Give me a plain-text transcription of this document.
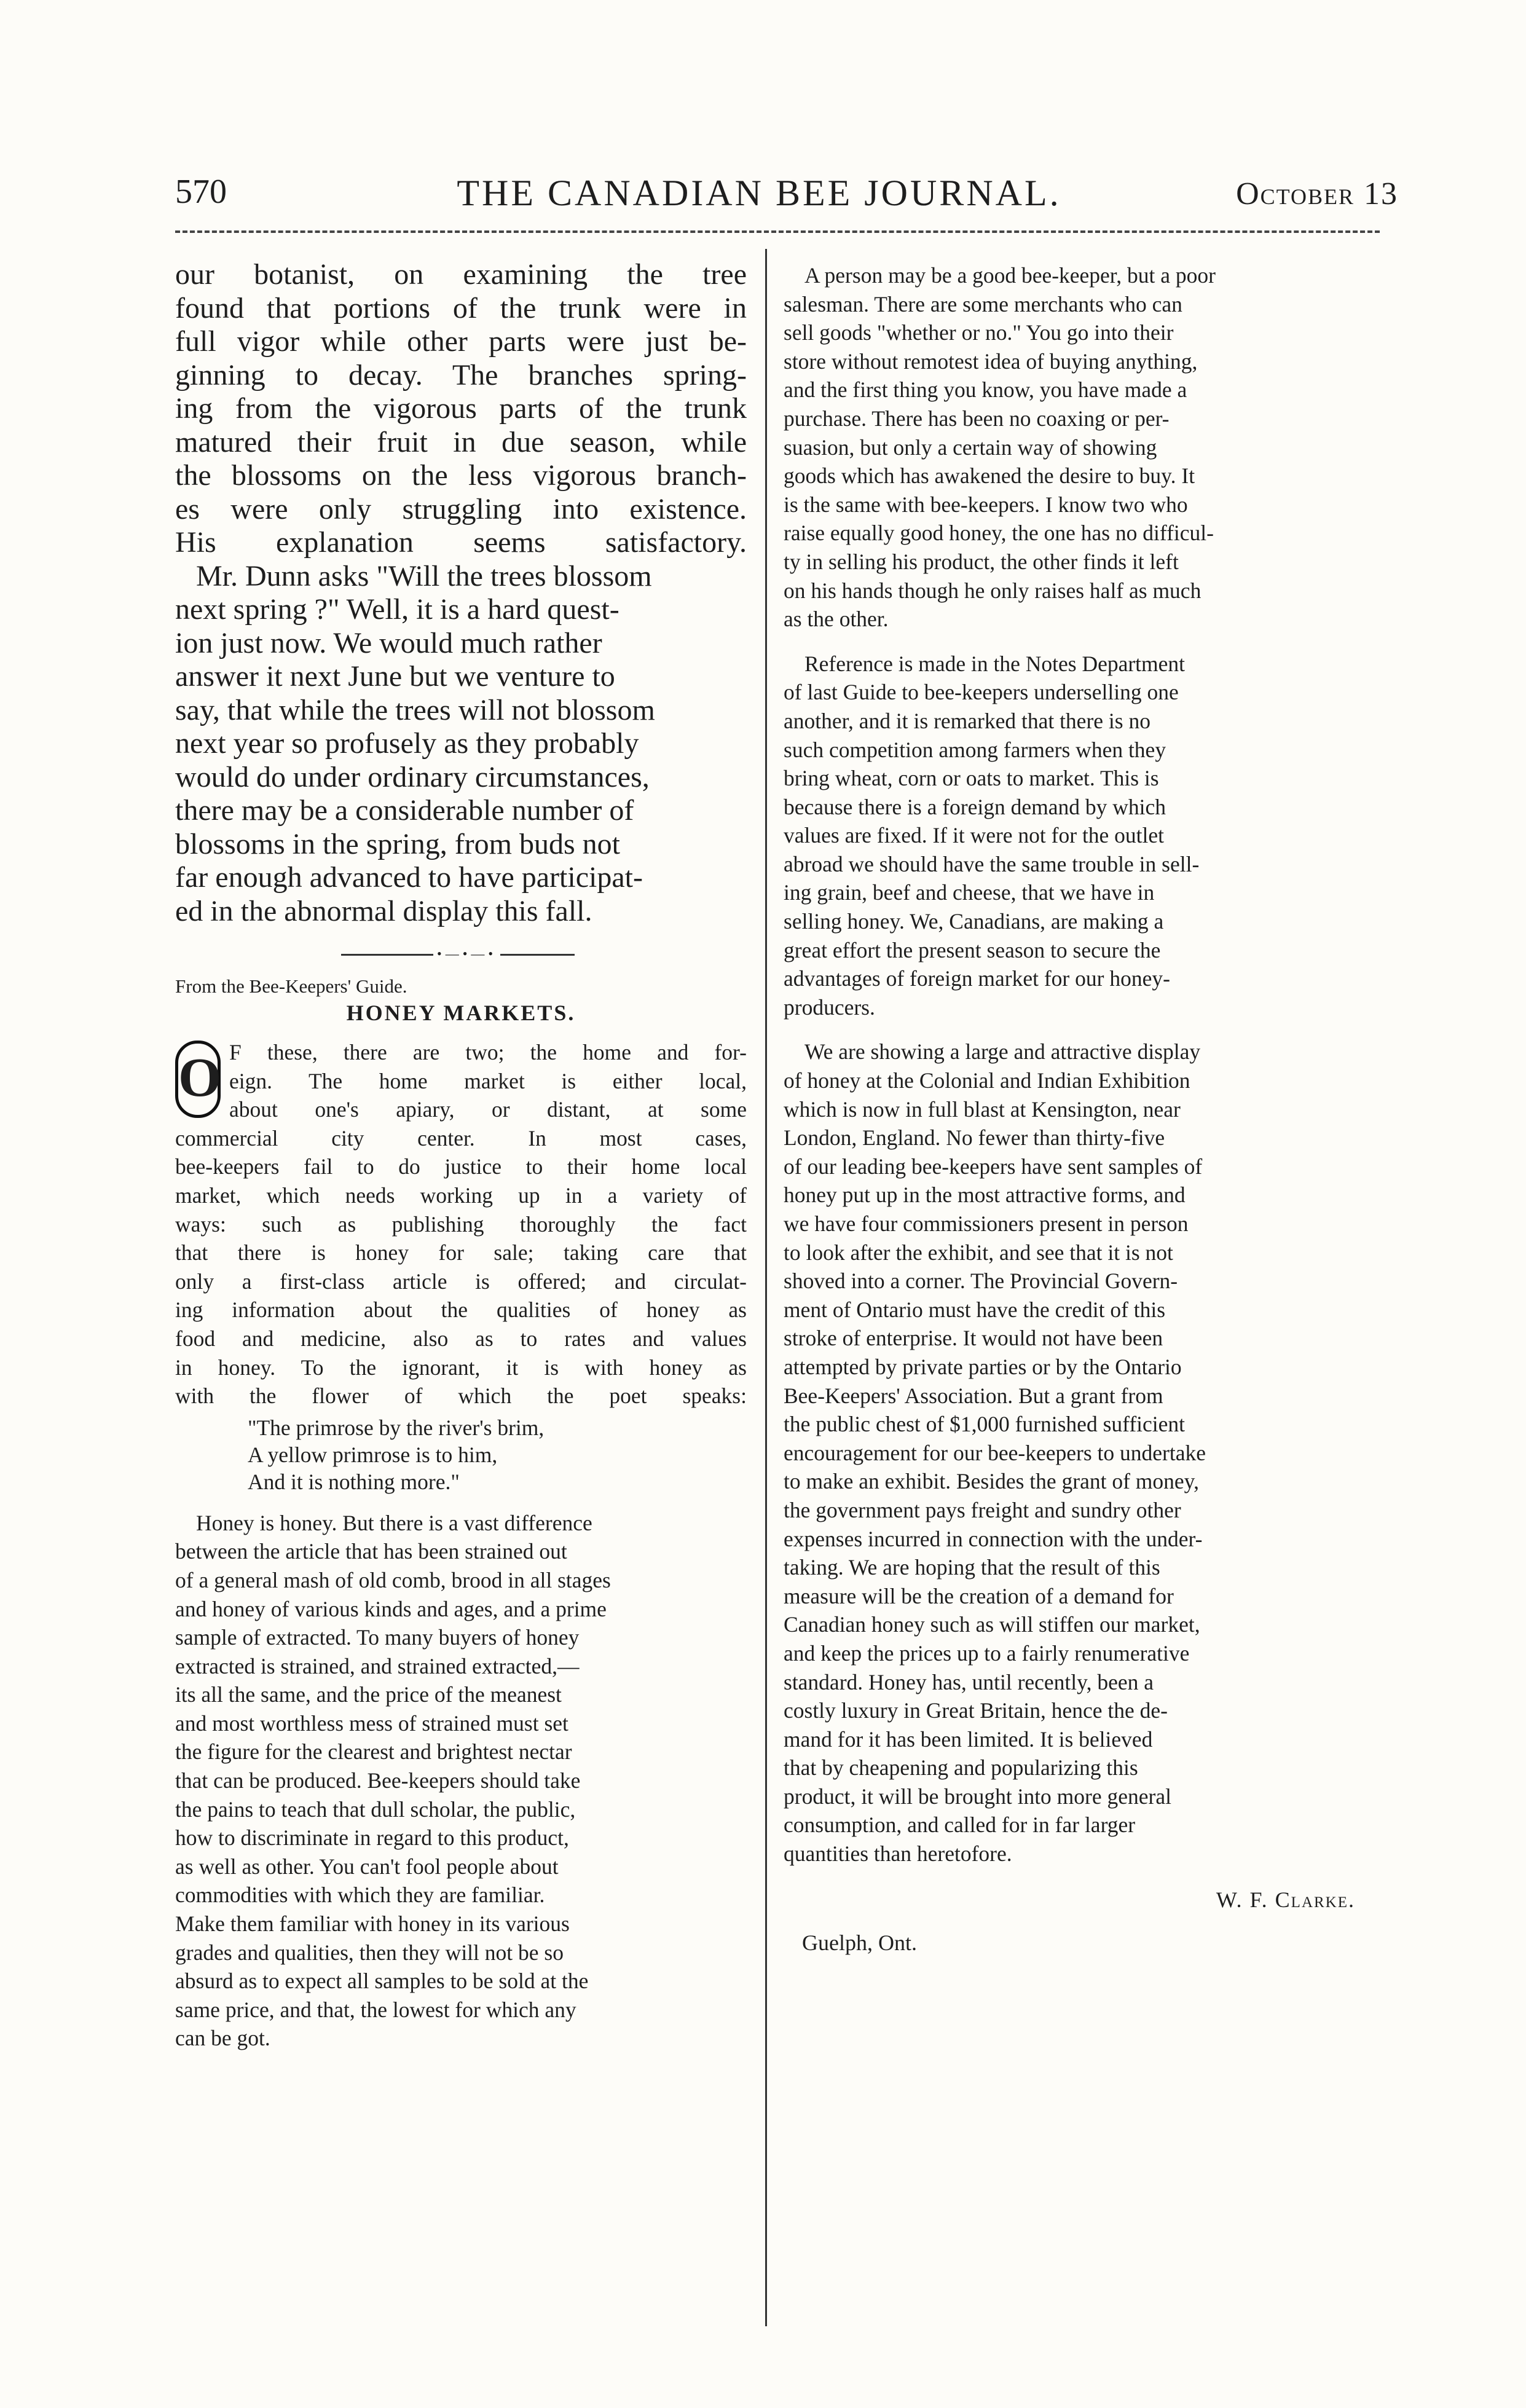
570	THE CANADIAN BEE JOURNAL.	October 13

our botanist, on examining the tree
found that portions of the trunk were in
full vigor while other parts were just be-
ginning to decay. The branches spring-
ing from the vigorous parts of the trunk
matured their fruit in due season, while
the blossoms on the less vigorous branch-
es were only struggling into existence.
His explanation seems satisfactory.

Mr. Dunn asks "Will the trees blossom
next spring ?" Well, it is a hard quest-
ion just now. We would much rather
answer it next June but we venture to
say, that while the trees will not blossom
next year so profusely as they probably
would do under ordinary circumstances,
there may be a considerable number of
blossoms in the spring, from buds not
far enough advanced to have participat-
ed in the abnormal display this fall.

•—•—•

From the Bee-Keepers' Guide.

HONEY MARKETS.
O F these, there are two; the home and for-
eign. The home market is either local,
about one's apiary, or distant, at some
commercial city center. In most cases,
bee-keepers fail to do justice to their home local
market, which needs working up in a variety of
ways: such as publishing thoroughly the fact
that there is honey for sale; taking care that
only a first-class article is offered; and circulat-
ing information about the qualities of honey as
food and medicine, also as to rates and values
in honey. To the ignorant, it is with honey as
with the flower of which the poet speaks:

"The primrose by the river's brim,
A yellow primrose is to him,
And it is nothing more."

Honey is honey. But there is a vast difference
between the article that has been strained out
of a general mash of old comb, brood in all stages
and honey of various kinds and ages, and a prime
sample of extracted. To many buyers of honey
extracted is strained, and strained extracted,—
its all the same, and the price of the meanest
and most worthless mess of strained must set
the figure for the clearest and brightest nectar
that can be produced. Bee-keepers should take
the pains to teach that dull scholar, the public,
how to discriminate in regard to this product,
as well as other. You can't fool people about
commodities with which they are familiar.
Make them familiar with honey in its various
grades and qualities, then they will not be so
absurd as to expect all samples to be sold at the
same price, and that, the lowest for which any
can be got.

A person may be a good bee-keeper, but a poor
salesman. There are some merchants who can
sell goods "whether or no." You go into their
store without remotest idea of buying anything,
and the first thing you know, you have made a
purchase. There has been no coaxing or per-
suasion, but only a certain way of showing
goods which has awakened the desire to buy. It
is the same with bee-keepers. I know two who
raise equally good honey, the one has no difficul-
ty in selling his product, the other finds it left
on his hands though he only raises half as much
as the other.

Reference is made in the Notes Department
of last Guide to bee-keepers underselling one
another, and it is remarked that there is no
such competition among farmers when they
bring wheat, corn or oats to market. This is
because there is a foreign demand by which
values are fixed. If it were not for the outlet
abroad we should have the same trouble in sell-
ing grain, beef and cheese, that we have in
selling honey. We, Canadians, are making a
great effort the present season to secure the
advantages of foreign market for our honey-
producers.

We are showing a large and attractive display
of honey at the Colonial and Indian Exhibition
which is now in full blast at Kensington, near
London, England. No fewer than thirty-five
of our leading bee-keepers have sent samples of
honey put up in the most attractive forms, and
we have four commissioners present in person
to look after the exhibit, and see that it is not
shoved into a corner. The Provincial Govern-
ment of Ontario must have the credit of this
stroke of enterprise. It would not have been
attempted by private parties or by the Ontario
Bee-Keepers' Association. But a grant from
the public chest of $1,000 furnished sufficient
encouragement for our bee-keepers to undertake
to make an exhibit. Besides the grant of money,
the government pays freight and sundry other
expenses incurred in connection with the under-
taking. We are hoping that the result of this
measure will be the creation of a demand for
Canadian honey such as will stiffen our market,
and keep the prices up to a fairly renumerative
standard. Honey has, until recently, been a
costly luxury in Great Britain, hence the de-
mand for it has been limited. It is believed
that by cheapening and popularizing this
product, it will be brought into more general
consumption, and called for in far larger
quantities than heretofore.

W. F. Clarke.
Guelph, Ont.
